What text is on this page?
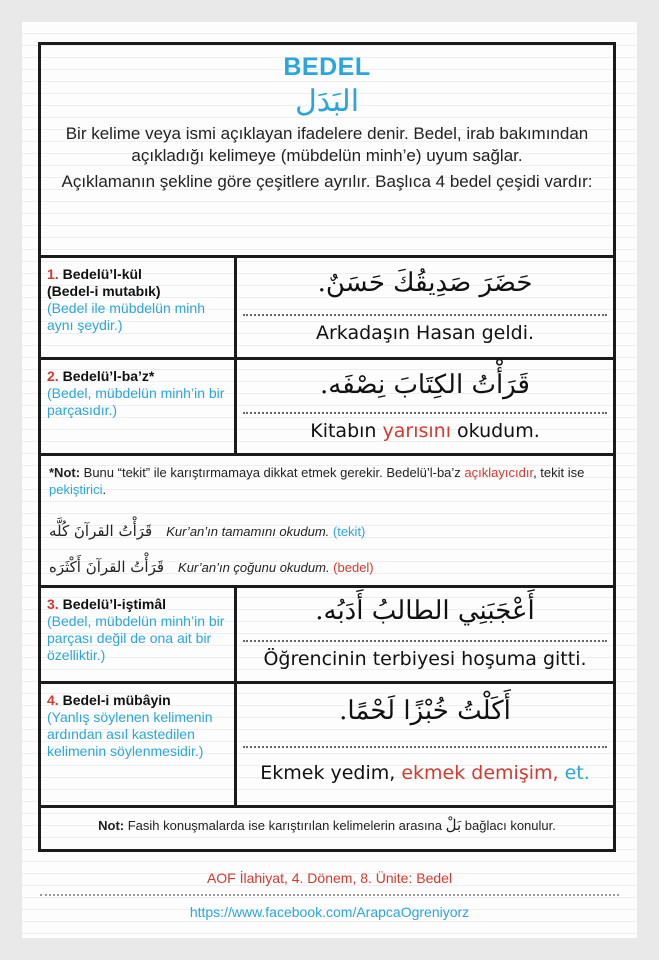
BEDEL
البَدَل

Bir kelime veya ismi açıklayan ifadelere denir. Bedel, irab bakımından açıkladığı kelimeye (mübdelün minh’e) uyum sağlar.

Açıklamanın şekline göre çeşitlere ayrılır. Başlıca 4 bedel çeşidi vardır:

1. Bedelü’l-kül
(Bedel-i mutabık)
(Bedel ile mübdelün minh aynı şeydir.)
حَضَرَ صَدِيقُكَ حَسَنٌ.
Arkadaşın Hasan geldi.
2. Bedelü’l-ba’z*
(Bedel, mübdelün minh’in bir parçasıdır.)
قَرَأْتُ الكِتَابَ نِصْفَه.
Kitabın yarısını okudum.
*Not: Bunu “tekit” ile karıştırmamaya dikkat etmek gerekir. Bedelü’l-ba’z açıklayıcıdır, tekit ise pekiştirici.
قَرَأْتُ القرآنَ كُلَّه Kur’an’ın tamamını okudum. (tekit)
قَرَأْتُ القرآنَ أَكْثَرَه Kur’an’ın çoğunu okudum. (bedel)
3. Bedelü’l-iştimâl
(Bedel, mübdelün minh’in bir parçası değil de ona ait bir özelliktir.)
أَعْجَبَنِي الطالبُ أَدَبُه.
Öğrencinin terbiyesi hoşuma gitti.
4. Bedel-i mübâyin
(Yanlış söylenen kelimenin ardından asıl kastedilen kelimenin söylenmesidir.)
أَكَلْتُ خُبْزًا لَحْمًا.
Ekmek yedim, ekmek demişim, et.
Not: Fasih konuşmalarda ise karıştırılan kelimelerin arasına بَلْ bağlacı konulur.
AOF İlahiyat, 4. Dönem, 8. Ünite: Bedel
https://www.facebook.com/ArapcaOgreniyorz
